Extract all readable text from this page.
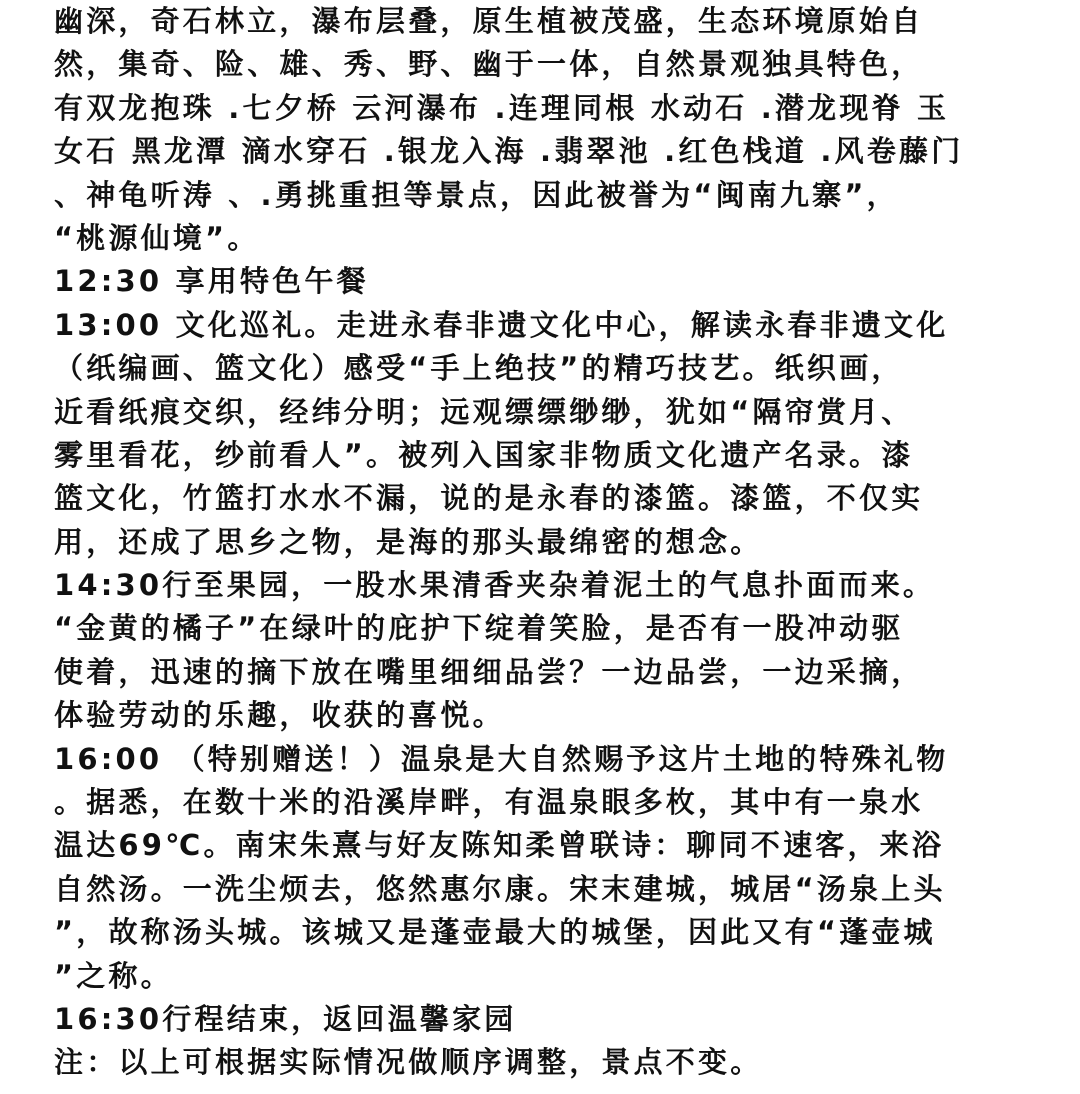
幽深，奇石林立，瀑布层叠，原生植被茂盛，生态环境原始自
然，集奇、险、雄、秀、野、幽于一体，自然景观独具特色，
有双龙抱珠 .七夕桥 云河瀑布 .连理同根 水动石 .潜龙现脊 玉
女石 黑龙潭 滴水穿石 .银龙入海 .翡翠池 .红色栈道 .风卷藤门
、神龟听涛 、.勇挑重担等景点，因此被誉为“闽南九寨”，
“桃源仙境”。
12:30 享用特色午餐
13:00 文化巡礼。走进永春非遗文化中心，解读永春非遗文化
（纸编画、篮文化）感受“手上绝技”的精巧技艺。纸织画，
近看纸痕交织，经纬分明；远观缥缥缈缈，犹如“隔帘赏月、
雾里看花，纱前看人”。被列入国家非物质文化遗产名录。漆
篮文化，竹篮打水水不漏，说的是永春的漆篮。漆篮，不仅实
用，还成了思乡之物，是海的那头最绵密的想念。
14:30行至果园，一股水果清香夹杂着泥土的气息扑面而来。
“金黄的橘子”在绿叶的庇护下绽着笑脸，是否有一股冲动驱
使着，迅速的摘下放在嘴里细细品尝？一边品尝，一边采摘，
体验劳动的乐趣，收获的喜悦。
16:00 （特别赠送！）温泉是大自然赐予这片土地的特殊礼物
。据悉，在数十米的沿溪岸畔，有温泉眼多枚，其中有一泉水
温达69℃。南宋朱熹与好友陈知柔曾联诗：聊同不速客，来浴
自然汤。一洗尘烦去，悠然惠尔康。宋末建城，城居“汤泉上头
”，故称汤头城。该城又是蓬壶最大的城堡，因此又有“蓬壶城
”之称。
16:30行程结束，返回温馨家园
注：以上可根据实际情况做顺序调整，景点不变。
